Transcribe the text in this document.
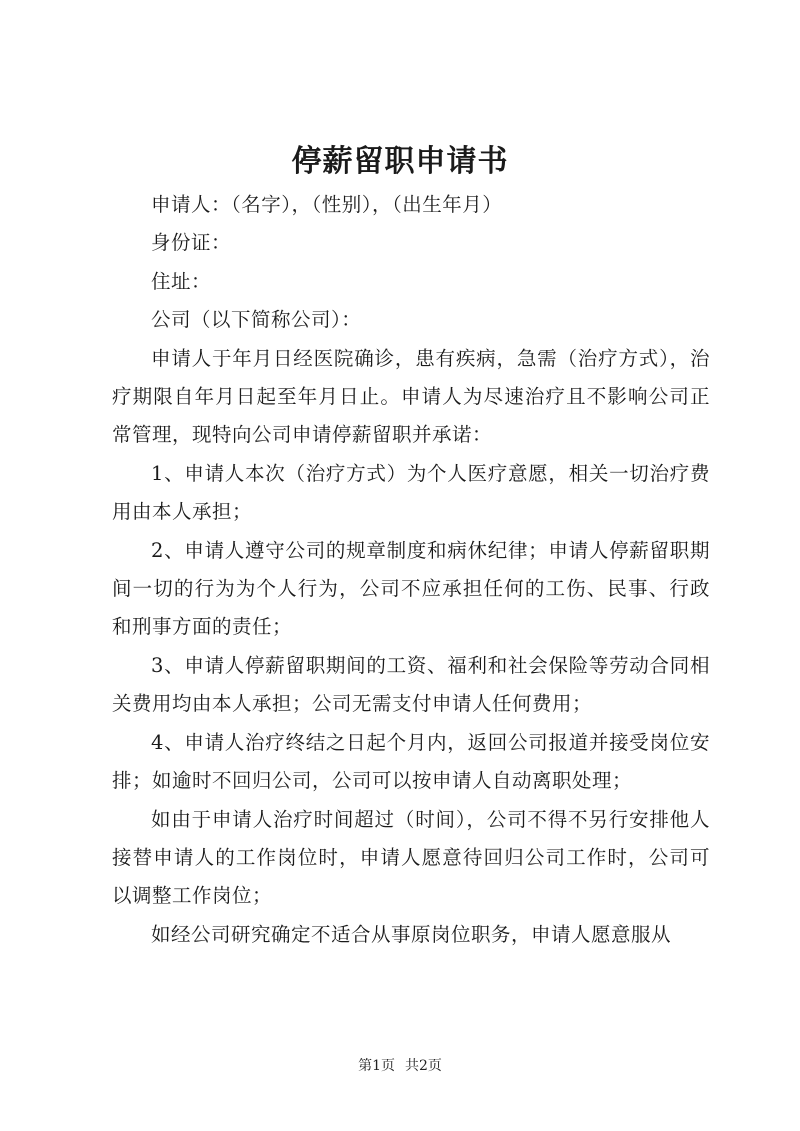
停薪留职申请书

申请人：（名字），（性别），（出生年月）

身份证：

住址：

公司（以下简称公司）：

申请人于年月日经医院确诊，患有疾病，急需（治疗方式），治疗期限自年月日起至年月日止。申请人为尽速治疗且不影响公司正常管理，现特向公司申请停薪留职并承诺：

1、申请人本次（治疗方式）为个人医疗意愿，相关一切治疗费用由本人承担；

2、申请人遵守公司的规章制度和病休纪律；申请人停薪留职期间一切的行为为个人行为，公司不应承担任何的工伤、民事、行政和刑事方面的责任；

3、申请人停薪留职期间的工资、福利和社会保险等劳动合同相关费用均由本人承担；公司无需支付申请人任何费用；

4、申请人治疗终结之日起个月内，返回公司报道并接受岗位安排；如逾时不回归公司，公司可以按申请人自动离职处理；

如由于申请人治疗时间超过（时间），公司不得不另行安排他人接替申请人的工作岗位时，申请人愿意待回归公司工作时，公司可以调整工作岗位；

如经公司研究确定不适合从事原岗位职务，申请人愿意服从

第1页 共2页
